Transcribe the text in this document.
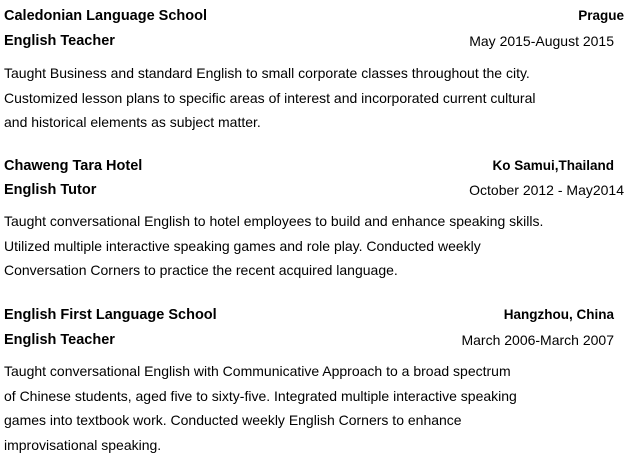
Caledonian Language School	Prague
English Teacher	May 2015-August 2015
Taught Business and standard English to small corporate classes throughout the city.
Customized lesson plans to specific areas of interest and incorporated current cultural
and historical elements as subject matter.
Chaweng Tara Hotel	Ko Samui,Thailand
English Tutor	October 2012 - May2014
Taught conversational English to hotel employees to build and enhance speaking skills.
Utilized multiple interactive speaking games and role play. Conducted weekly
Conversation Corners to practice the recent acquired language.
English First Language School	Hangzhou, China
English Teacher	March 2006-March 2007
Taught conversational English with Communicative Approach to a broad spectrum
of Chinese students, aged five to sixty-five. Integrated multiple interactive speaking
games into textbook work. Conducted weekly English Corners to enhance
improvisational speaking.
